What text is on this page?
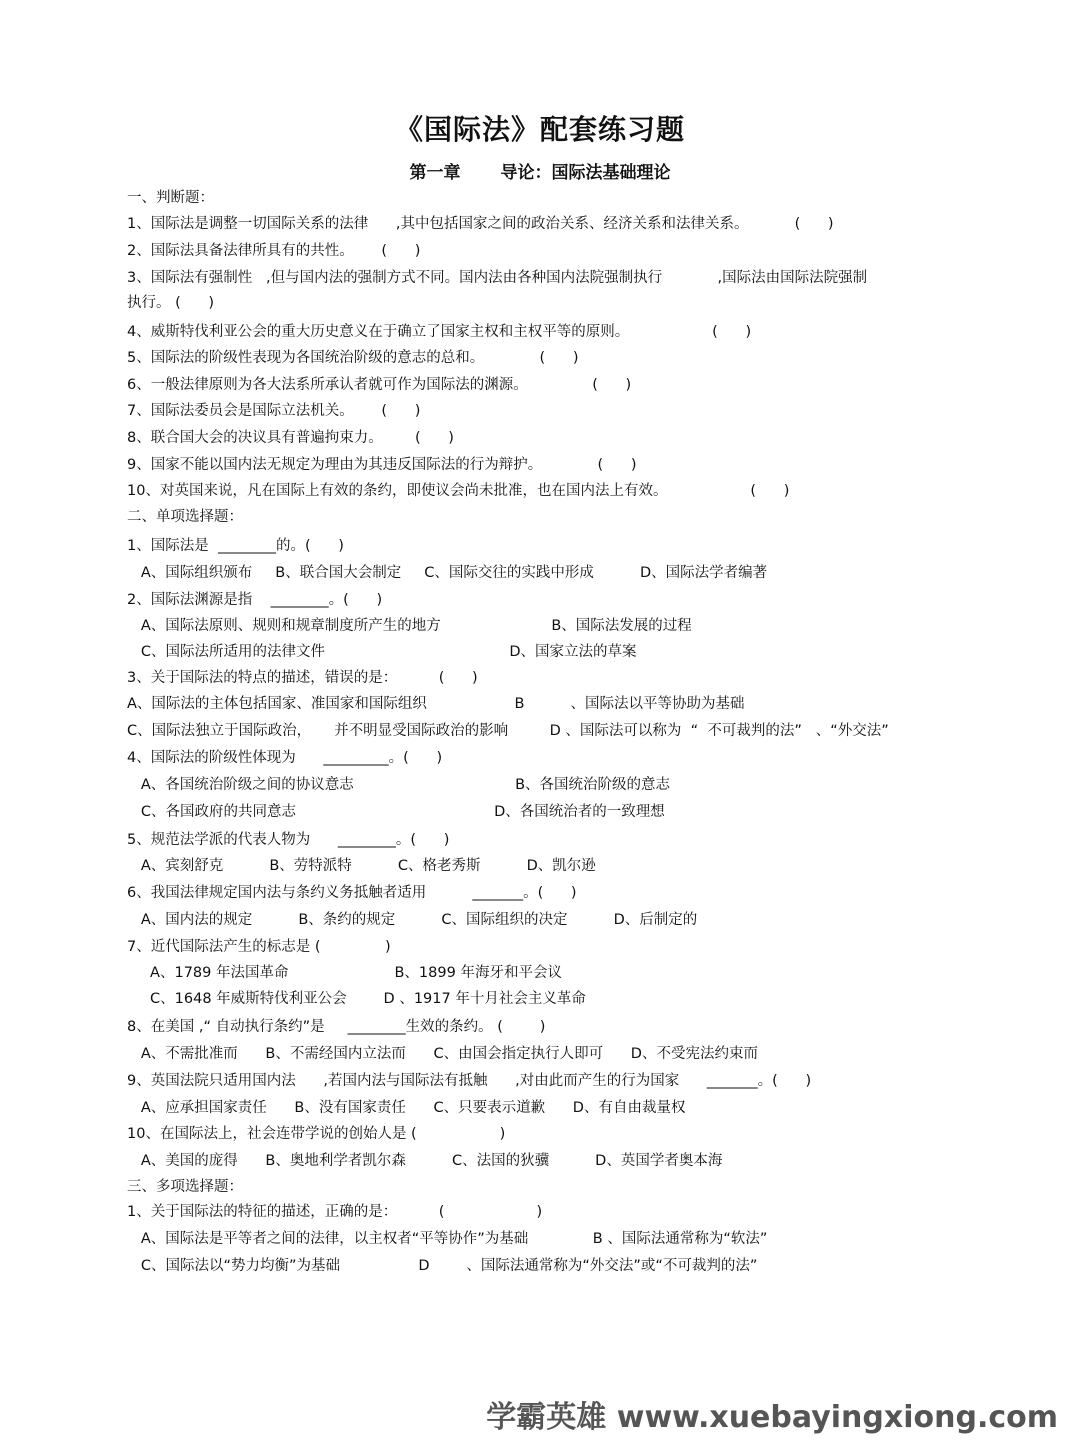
《国际法》配套练习题
第一章 导论：国际法基础理论
一、判断题：
1、国际法是调整一切国际关系的法律      ,其中包括国家之间的政治关系、经济关系和法律关系。          (      )
2、国际法具备法律所具有的共性。      (      )
3、国际法有强制性   ,但与国内法的强制方式不同。国内法由各种国内法院强制执行            ,国际法由国际法院强制
执行。 (      )
4、威斯特伐利亚公会的重大历史意义在于确立了国家主权和主权平等的原则。                  (      )
5、国际法的阶级性表现为各国统治阶级的意志的总和。            (      )
6、一般法律原则为各大法系所承认者就可作为国际法的渊源。              (      )
7、国际法委员会是国际立法机关。      (      )
8、联合国大会的决议具有普遍拘束力。       (      )
9、国家不能以国内法无规定为理由为其违反国际法的行为辩护。            (      )
10、对英国来说，凡在国际上有效的条约，即使议会尚未批准，也在国内法上有效。                  (      )
二、单项选择题：
1、国际法是  ________的。(      )
A、国际组织颁布     B、联合国大会制定     C、国际交往的实践中形成          D、国际法学者编著
2、国际法渊源是指    ________。(      )
A、国际法原则、规则和规章制度所产生的地方                        B、国际法发展的过程
C、国际法所适用的法律文件                                        D、国家立法的草案
3、关于国际法的特点的描述，错误的是：         (      )
A、国际法的主体包括国家、准国家和国际组织                   B          、国际法以平等协助为基础
C、国际法独立于国际政治，     并不明显受国际政治的影响         D 、国际法可以称为  “  不可裁判的法”   、“外交法”
4、国际法的阶级性体现为      _________。(      )
A、各国统治阶级之间的协议意志                                   B、各国统治阶级的意志
C、各国政府的共同意志                                           D、各国统治者的一致理想
5、规范法学派的代表人物为      ________。(      )
A、宾刻舒克          B、劳特派特          C、格老秀斯          D、凯尔逊
6、我国法律规定国内法与条约义务抵触者适用          _______。(      )
A、国内法的规定          B、条约的规定          C、国际组织的决定          D、后制定的
7、近代国际法产生的标志是 (              )
A、1789 年法国革命                       B、1899 年海牙和平会议
C、1648 年威斯特伐利亚公会        D 、1917 年十月社会主义革命
8、在美国 ,“ 自动执行条约”是     ________生效的条约。 (        )
A、不需批准而      B、不需经国内立法而      C、由国会指定执行人即可      D、不受宪法约束而
9、英国法院只适用国内法      ,若国内法与国际法有抵触      ,对由此而产生的行为国家      _______。(      )
A、应承担国家责任      B、没有国家责任      C、只要表示道歉      D、有自由裁量权
10、在国际法上，社会连带学说的创始人是 (                  )
A、美国的庞得      B、奥地利学者凯尔森          C、法国的狄骥          D、英国学者奥本海
三、多项选择题：
1、关于国际法的特征的描述，正确的是：         (                    )
A、国际法是平等者之间的法律，以主权者“平等协作”为基础              B 、国际法通常称为“软法”
C、国际法以“势力均衡”为基础                 D        、国际法通常称为“外交法”或“不可裁判的法”
学霸英雄 www.xuebayingxiong.com
